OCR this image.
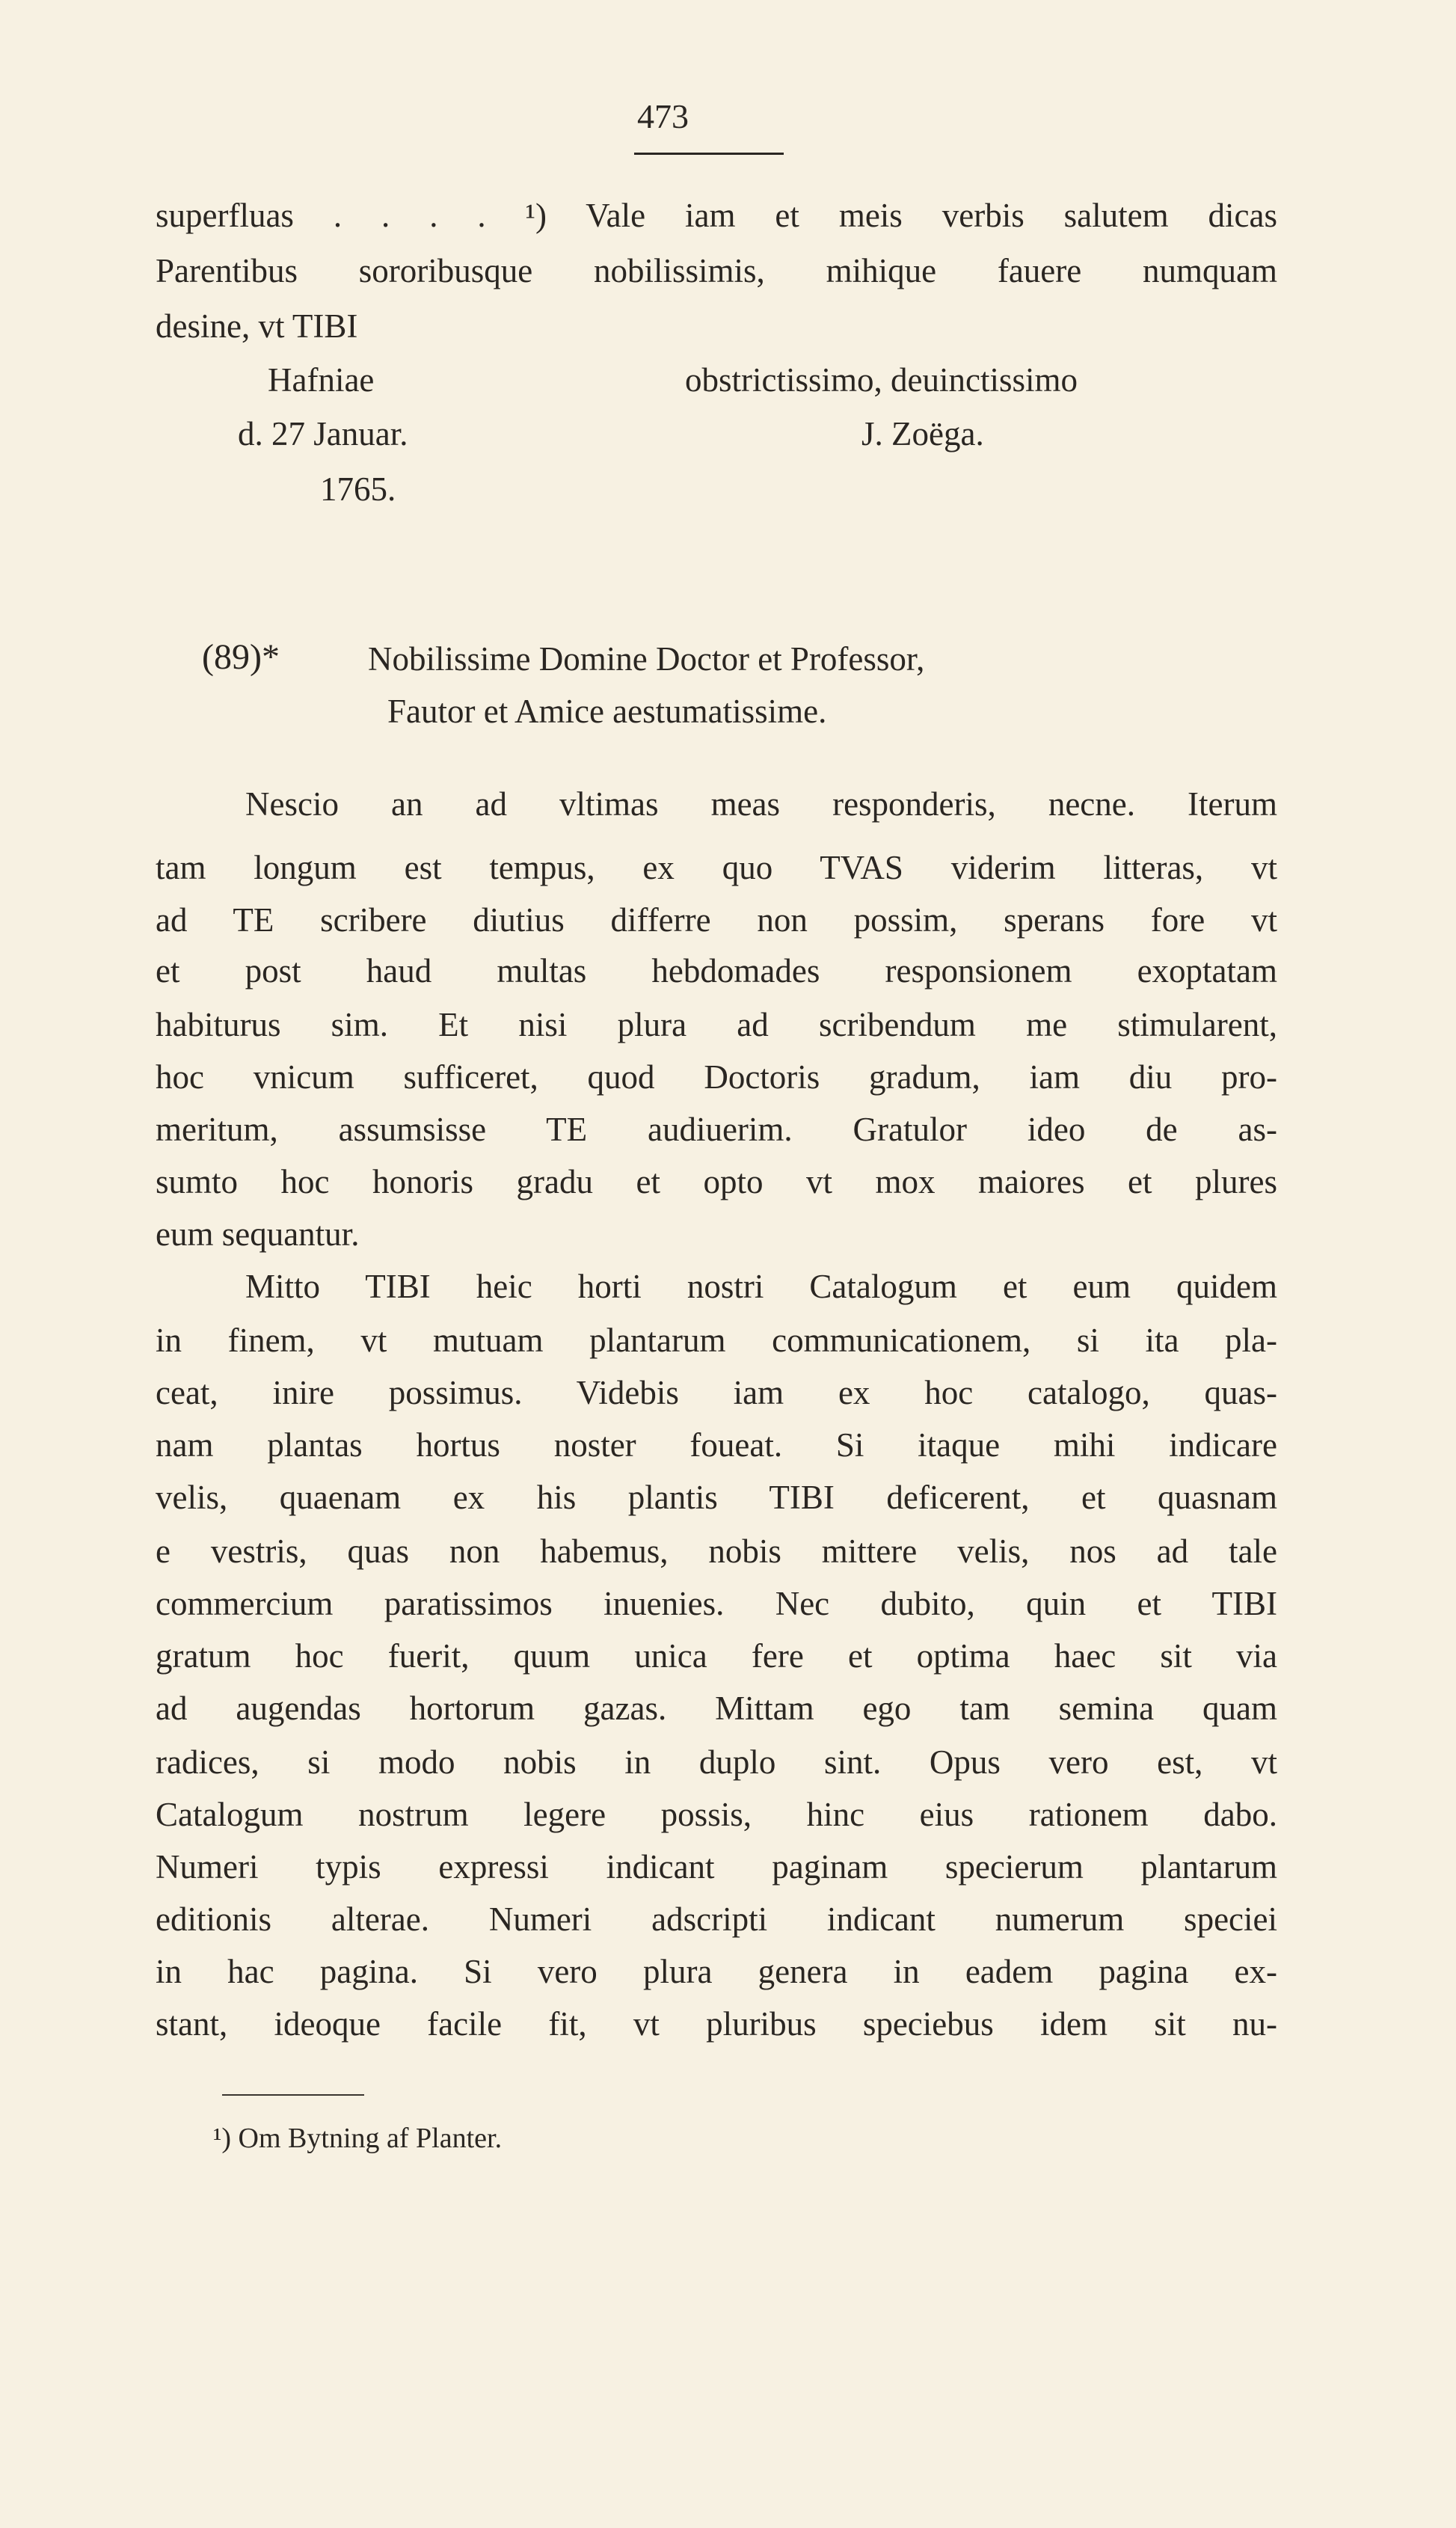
473
superfluas . . . . ¹) Vale iam et meis verbis salutem dicas
Parentibus sororibusque nobilissimis, mihique fauere numquam
desine, vt TIBI
Hafniae
d. 27 Januar.
1765.
obstrictissimo, deuinctissimo
J. Zoëga.
(89)*	Nobilissime Domine Doctor et Professor,
Fautor et Amice aestumatissime.
Nescio an ad vltimas meas responderis, necne. Iterum
tam longum est tempus, ex quo TVAS viderim litteras, vt
ad TE scribere diutius differre non possim, sperans fore vt
et post haud multas hebdomades responsionem exoptatam
habiturus sim. Et nisi plura ad scribendum me stimularent,
hoc vnicum sufficeret, quod Doctoris gradum, iam diu pro-
meritum, assumsisse TE audiuerim. Gratulor ideo de as-
sumto hoc honoris gradu et opto vt mox maiores et plures
eum sequantur.
Mitto TIBI heic horti nostri Catalogum et eum quidem
in finem, vt mutuam plantarum communicationem, si ita pla-
ceat, inire possimus. Videbis iam ex hoc catalogo, quas-
nam plantas hortus noster foueat. Si itaque mihi indicare
velis, quaenam ex his plantis TIBI deficerent, et quasnam
e vestris, quas non habemus, nobis mittere velis, nos ad tale
commercium paratissimos inuenies. Nec dubito, quin et TIBI
gratum hoc fuerit, quum unica fere et optima haec sit via
ad augendas hortorum gazas. Mittam ego tam semina quam
radices, si modo nobis in duplo sint. Opus vero est, vt
Catalogum nostrum legere possis, hinc eius rationem dabo.
Numeri typis expressi indicant paginam specierum plantarum
editionis alterae. Numeri adscripti indicant numerum speciei
in hac pagina. Si vero plura genera in eadem pagina ex-
stant, ideoque facile fit, vt pluribus speciebus idem sit nu-
¹) Om Bytning af Planter.
